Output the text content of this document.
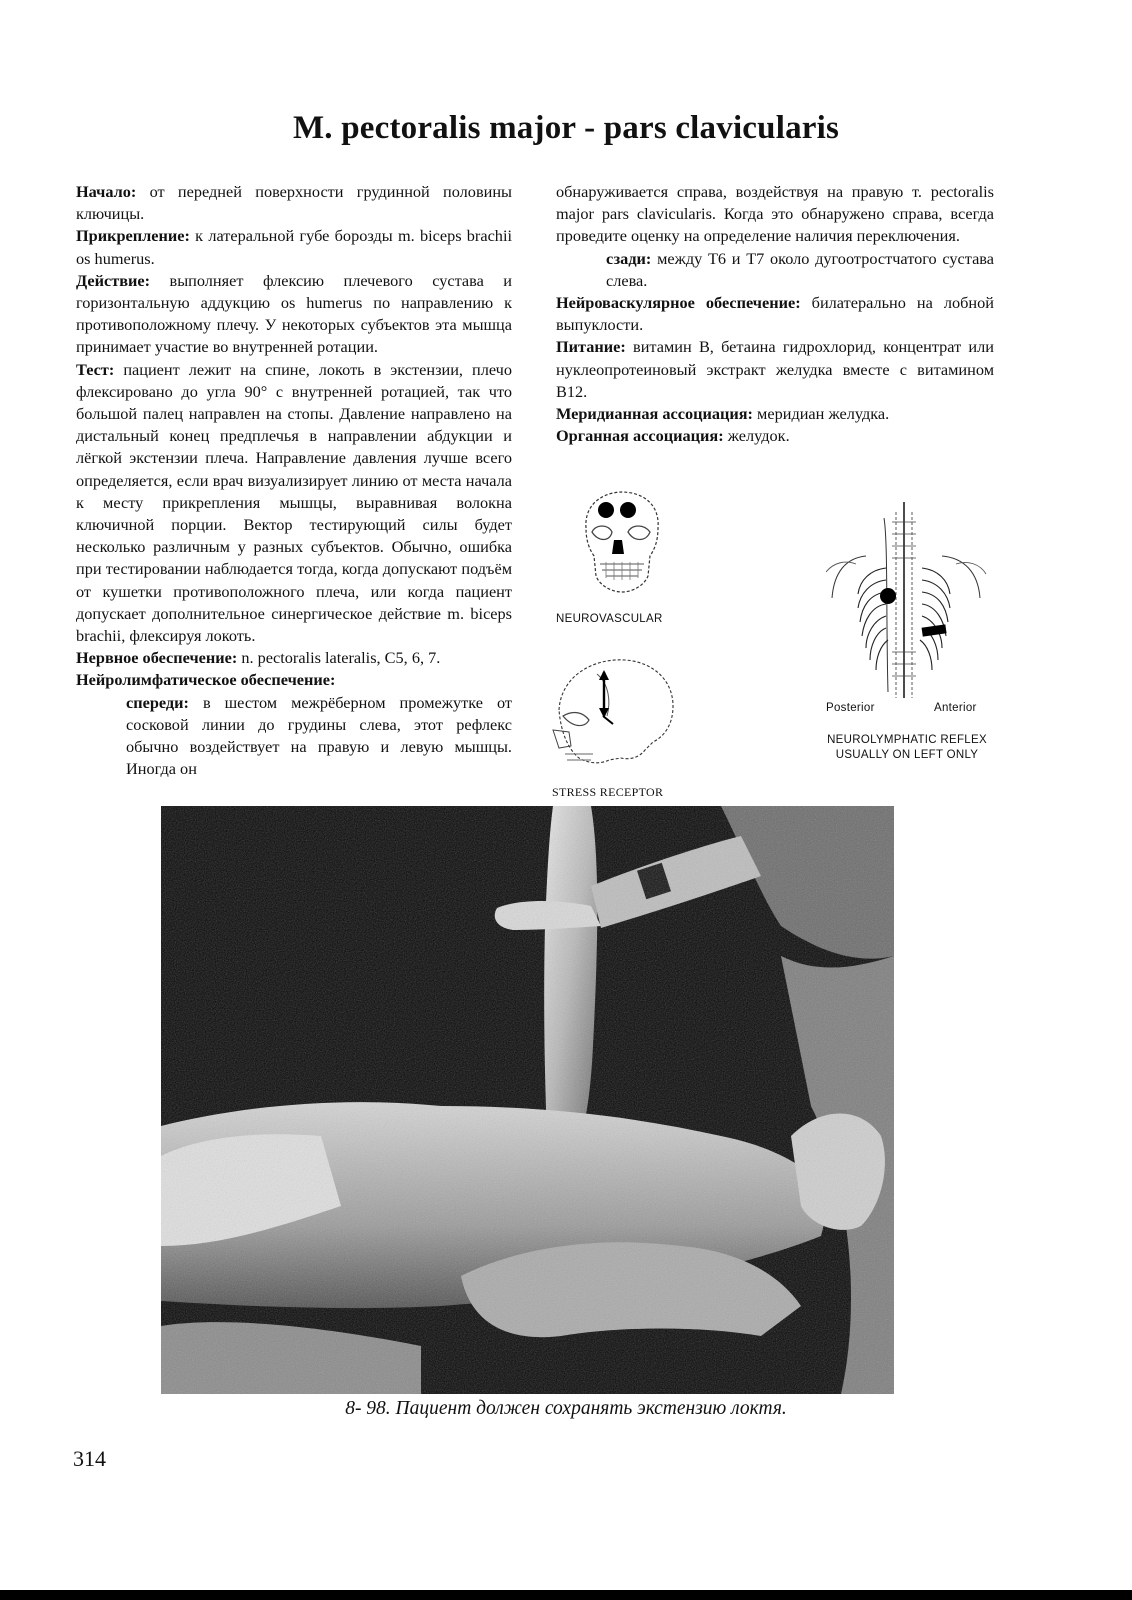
M. pectoralis major - pars clavicularis

Начало: от передней поверхности грудинной половины ключицы.

Прикрепление: к латеральной губе борозды m. biceps brachii os humerus.

Действие: выполняет флексию плечевого сустава и горизонтальную аддукцию os humerus по направлению к противоположному плечу. У некоторых субъектов эта мышца принимает участие во внутренней ротации.

Тест: пациент лежит на спине, локоть в экстензии, плечо флексировано до угла 90° с внутренней ротацией, так что большой палец направлен на стопы. Давление направлено на дистальный конец предплечья в направлении абдукции и лёгкой экстензии плеча. Направление давления лучше всего определяется, если врач визуализирует линию от места начала к месту прикрепления мышцы, выравнивая волокна ключичной порции. Вектор тестирующий силы будет несколько различным у разных субъектов. Обычно, ошибка при тестировании наблюдается тогда, когда допускают подъём от кушетки противоположного плеча, или когда пациент допускает дополнительное синергическое действие m. biceps brachii, флексируя локоть.

Нервное обеспечение: n. pectoralis lateralis, C5, 6, 7.

Нейролимфатическое обеспечение:

спереди: в шестом межрёберном промежутке от сосковой линии до грудины слева, этот рефлекс обычно воздействует на правую и левую мышцы. Иногда он

обнаруживается справа, воздействуя на правую т. pectoralis major pars clavicularis. Когда это обнаружено справа, всегда проведите оценку на определение наличия переключения.

сзади: между Т6 и Т7 около дугоотростчатого сустава слева.

Нейроваскулярное обеспечение: билатерально на лобной выпуклости.

Питание: витамин В, бетаина гидрохлорид, концентрат или нуклеопротеиновый экстракт желудка вместе с витамином В12.

Меридианная ассоциация: меридиан желудка.

Органная ассоциация: желудок.

NEUROVASCULAR
STRESS RECEPTOR
Posterior	Anterior
NEUROLYMPHATIC REFLEX
USUALLY ON LEFT ONLY
8- 98. Пациент должен сохранять экстензию локтя.
314
